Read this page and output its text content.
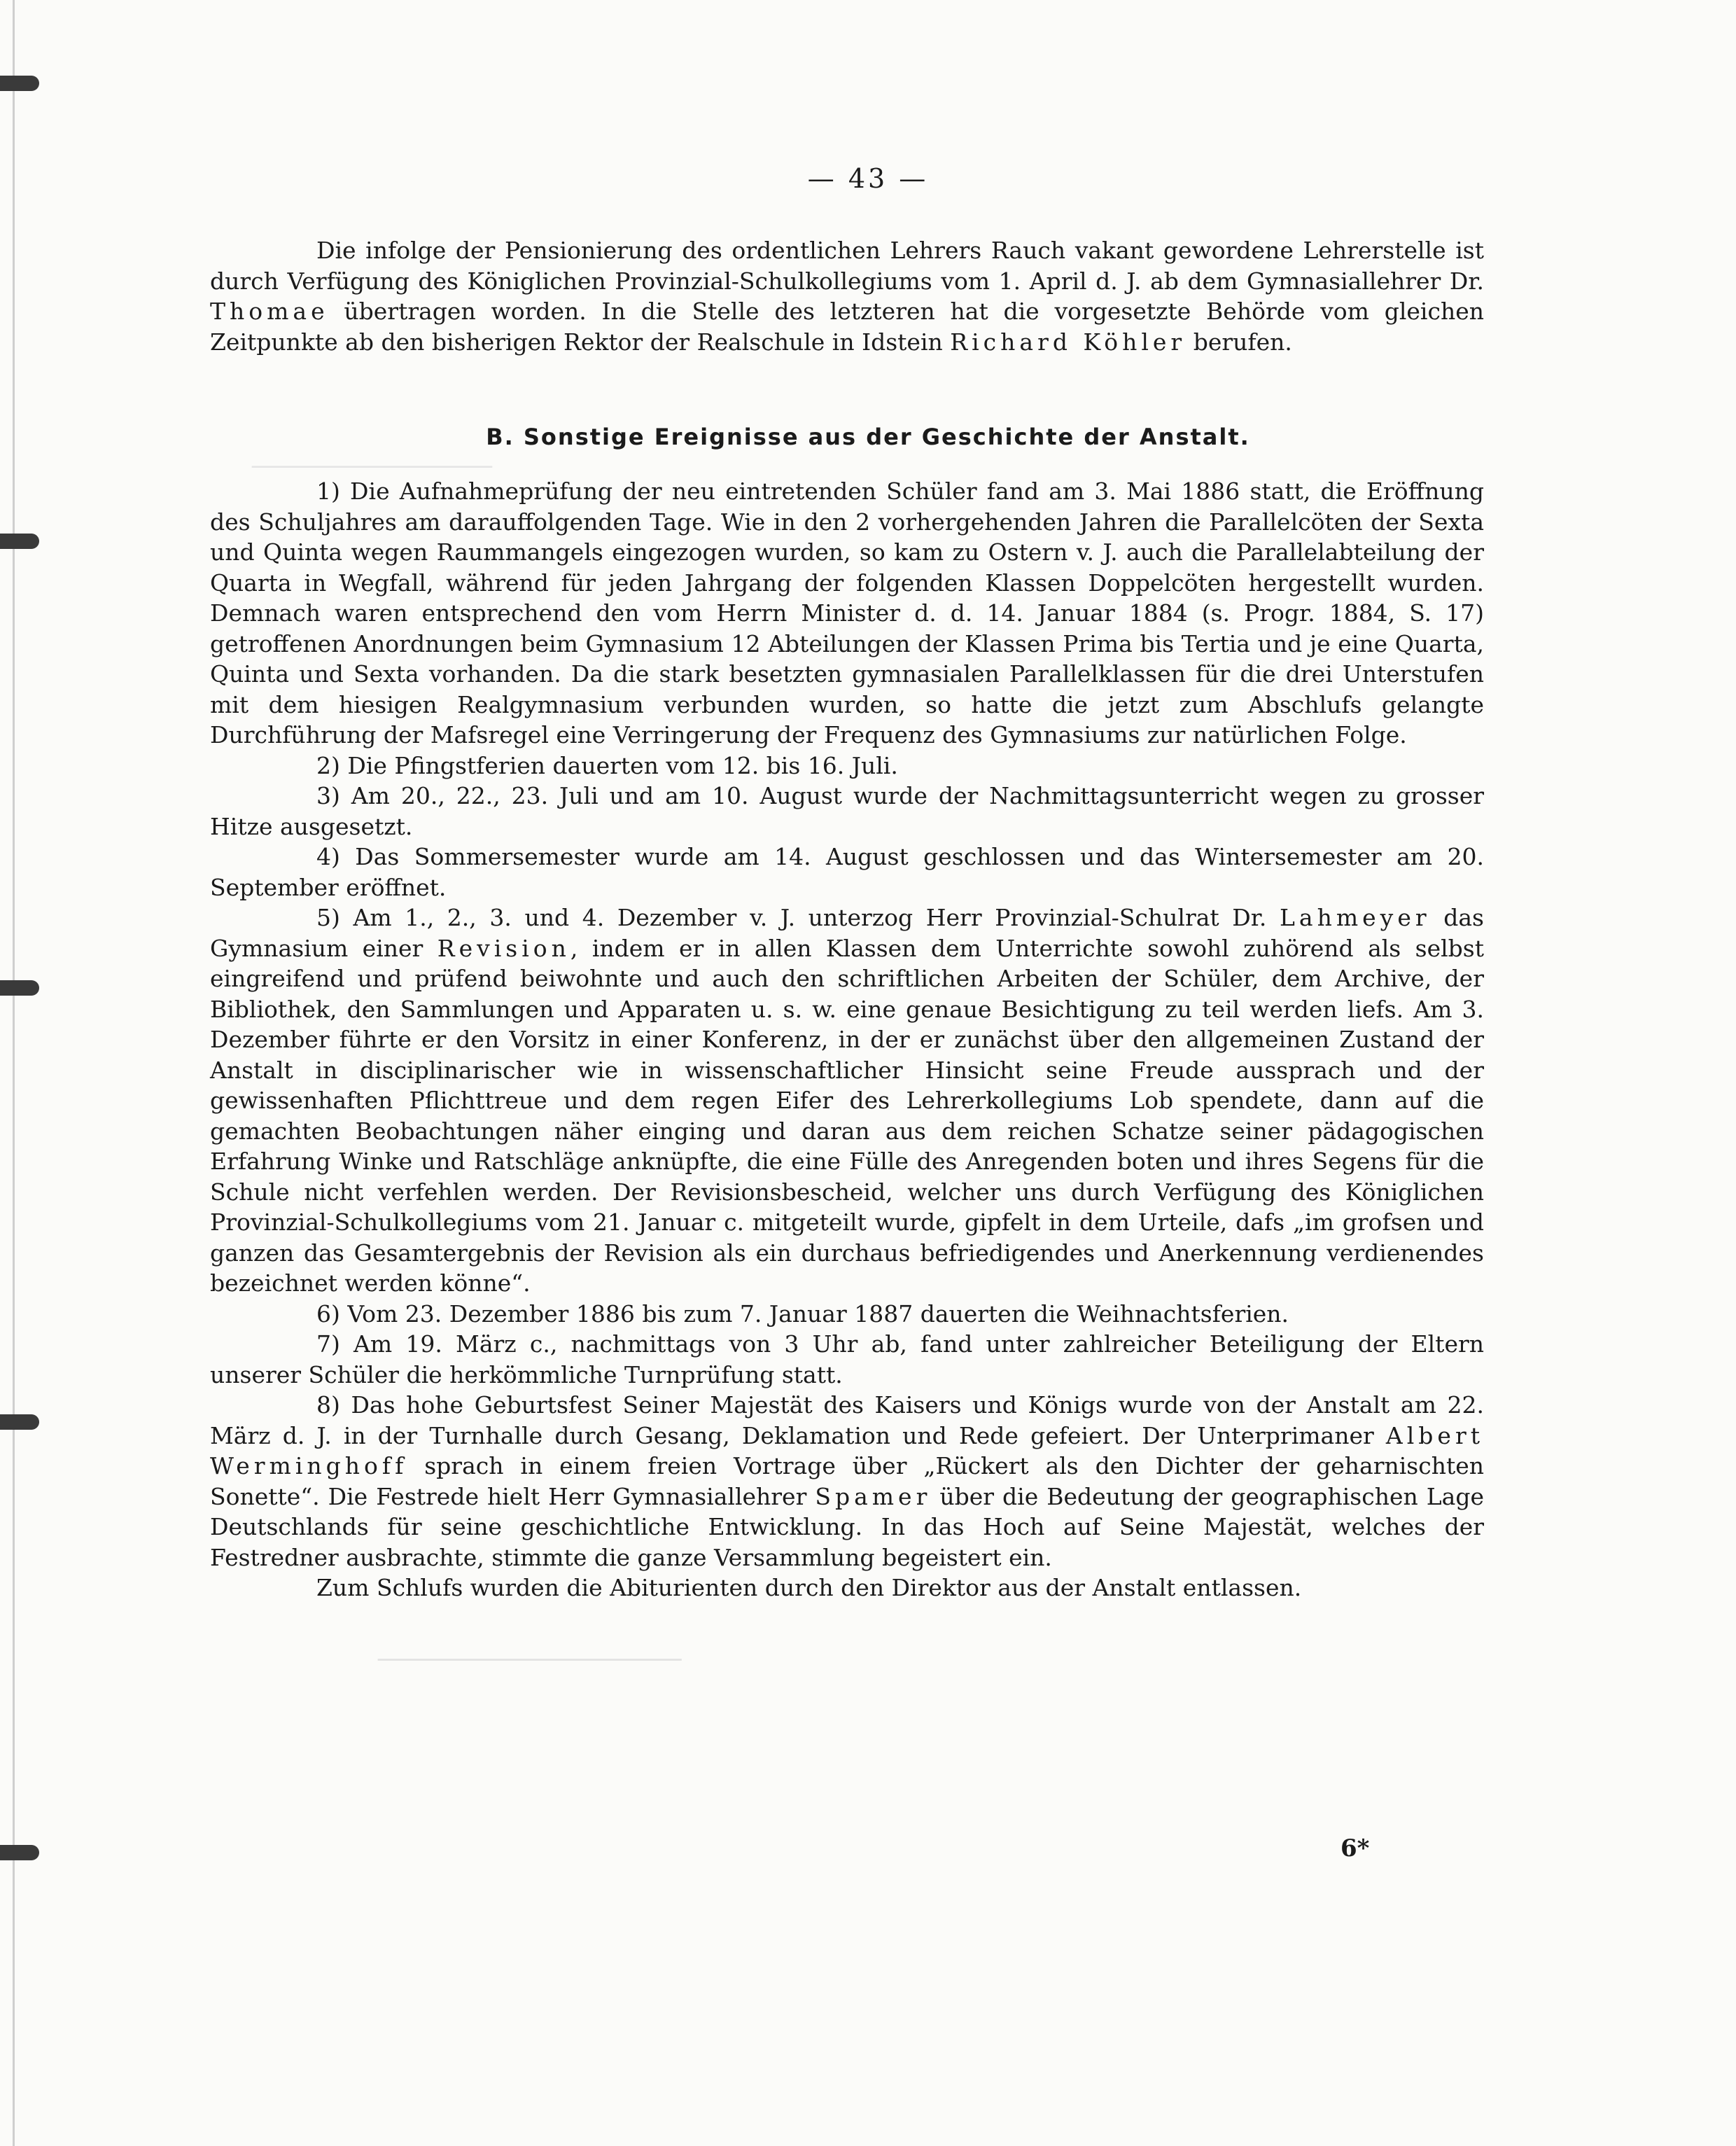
───────────────────
────────────────────
— 43 —

Die infolge der Pensionierung des ordentlichen Lehrers Rauch vakant gewordene Lehrerstelle ist durch Verfügung des Königlichen Provinzial-Schulkollegiums vom 1. April d. J. ab dem Gymnasiallehrer Dr. Thomae übertragen worden. In die Stelle des letzteren hat die vorgesetzte Behörde vom gleichen Zeitpunkte ab den bisherigen Rektor der Realschule in Idstein Richard Köhler berufen.

B. Sonstige Ereignisse aus der Geschichte der Anstalt.

1) Die Aufnahmeprüfung der neu eintretenden Schüler fand am 3. Mai 1886 statt, die Eröffnung des Schuljahres am darauffolgenden Tage. Wie in den 2 vorhergehenden Jahren die Parallelcöten der Sexta und Quinta wegen Raummangels eingezogen wurden, so kam zu Ostern v. J. auch die Parallelabteilung der Quarta in Wegfall, während für jeden Jahrgang der folgenden Klassen Doppelcöten hergestellt wurden. Demnach waren entsprechend den vom Herrn Minister d. d. 14. Januar 1884 (s. Progr. 1884, S. 17) getroffenen Anordnungen beim Gymnasium 12 Abteilungen der Klassen Prima bis Tertia und je eine Quarta, Quinta und Sexta vorhanden. Da die stark besetzten gymnasialen Parallelklassen für die drei Unterstufen mit dem hiesigen Realgymnasium verbunden wurden, so hatte die jetzt zum Abschlufs gelangte Durchführung der Mafsregel eine Verringerung der Frequenz des Gymnasiums zur natürlichen Folge.

2) Die Pfingstferien dauerten vom 12. bis 16. Juli.

3) Am 20., 22., 23. Juli und am 10. August wurde der Nachmittagsunterricht wegen zu grosser Hitze ausgesetzt.

4) Das Sommersemester wurde am 14. August geschlossen und das Wintersemester am 20. September eröffnet.

5) Am 1., 2., 3. und 4. Dezember v. J. unterzog Herr Provinzial-Schulrat Dr. Lahmeyer das Gymnasium einer Revision, indem er in allen Klassen dem Unterrichte sowohl zuhörend als selbst eingreifend und prüfend beiwohnte und auch den schriftlichen Arbeiten der Schüler, dem Archive, der Bibliothek, den Sammlungen und Apparaten u. s. w. eine genaue Besichtigung zu teil werden liefs. Am 3. Dezember führte er den Vorsitz in einer Konferenz, in der er zunächst über den allgemeinen Zustand der Anstalt in disciplinarischer wie in wissenschaftlicher Hinsicht seine Freude aussprach und der gewissenhaften Pflichttreue und dem regen Eifer des Lehrerkollegiums Lob spendete, dann auf die gemachten Beobachtungen näher einging und daran aus dem reichen Schatze seiner pädagogischen Erfahrung Winke und Ratschläge anknüpfte, die eine Fülle des Anregenden boten und ihres Segens für die Schule nicht verfehlen werden. Der Revisionsbescheid, welcher uns durch Verfügung des Königlichen Provinzial-Schulkollegiums vom 21. Januar c. mitgeteilt wurde, gipfelt in dem Urteile, dafs „im grofsen und ganzen das Gesamtergebnis der Revision als ein durchaus befriedigendes und Anerkennung verdienendes bezeichnet werden könne“.

6) Vom 23. Dezember 1886 bis zum 7. Januar 1887 dauerten die Weihnachtsferien.

7) Am 19. März c., nachmittags von 3 Uhr ab, fand unter zahlreicher Beteiligung der Eltern unserer Schüler die herkömmliche Turnprüfung statt.

8) Das hohe Geburtsfest Seiner Majestät des Kaisers und Königs wurde von der Anstalt am 22. März d. J. in der Turnhalle durch Gesang, Deklamation und Rede gefeiert. Der Unterprimaner Albert Werminghoff sprach in einem freien Vortrage über „Rückert als den Dichter der geharnischten Sonette“. Die Festrede hielt Herr Gymnasiallehrer Spamer über die Bedeutung der geographischen Lage Deutschlands für seine geschichtliche Entwicklung. In das Hoch auf Seine Majestät, welches der Festredner ausbrachte, stimmte die ganze Versammlung begeistert ein.

Zum Schlufs wurden die Abiturienten durch den Direktor aus der Anstalt entlassen.

6*
